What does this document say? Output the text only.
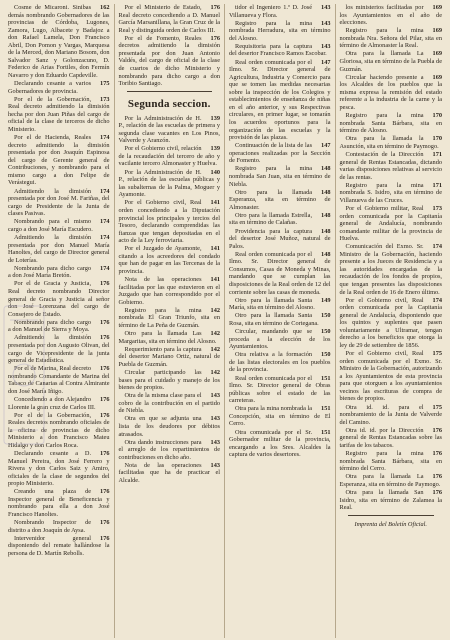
162
Cosme de Micaroni. Sinibas demás nombrando Gobernadores de las provincias de Córdoba, Lugones, Zamora, Lugo, Albacete y Badajoz a don Rafael Lamela, Don Francisco Abril, Don Pomon y Vargas, Marquesa de la Merced, don Mariano Bosom, don Salvador Sanz y Golonzacuno, D. Federico de Arias Fortiles, don Fermín Navarro y don Eduardo Capdeville.

175
Declarando cesante a varios Gobernadores de provincia.

173
Por el de la Gobernación, Real decreto admitiendo la dimisión hecha por don Juan Piñas del cargo de oficial de la clase de terceros de dicho Ministerio.

174
Por el de Hacienda, Reales decreto admitiendo la dimisión presentada por don Joaquín Espinosa del cargo de Gerente general de Contribuciones, y nombrando para el mismo cargo a don Felipe de Verástegui.

174
Admitiendo la dimisión presentada por don José M. Fariñas, del cargo de Presidente de la Junta de clases Pasivas.

174
Nombrando para el mismo cargo a don José María Escudero.

174
Admitiendo la dimisión presentada por don Manuel María Hanoltes, del cargo de Director general de Loterías.

174
Nombrando para dicho cargo a don José María Bretón.

176
Por el de Gracia y Justicia, Real decreto nombrando Director general de Gracia y Justicia al señor don José Lorenzana del cargo de Consejero de Estado.

176
Nombrando para dicho cargo a don Manuel de Sierra y Moya.

176
Admitiendo la dimisión presentada por don Augusto Olivan, del cargo de Vicepresidente de la junta general de Estadística.

176
Por el de Marina, Real decreto nombrando Comandante de Marina del Tabaco de Canarias al Contra Almirante don José María Iñigo.

176
Concediendo a don Alejandro Llorente la gran cruz de Carlos III.

176
Por el de la Gobernación, Reales decretos nombrando oficiales de la oficina de provincias de dicho Ministerio a don Francisco Mateu Hidalgo y don Carlos Roca.

176
Declarando cesante a D. Manuel Pereira, don José Ferrero y Rivera y don Carlos Saiz y Amiro, oficiales de la clase de segundos del propio Ministerio.

176
Creando una plaza de Inspector general de Beneficencia y nombrando para ella a don José Francisco Hanoltes.

176
Nombrando Inspector de distrito a don Joaquín de Aysa.

176
Intervenidor general disponiendo del remate hallándose la persona de D. Martín Rebolls.

176
Por el Ministerio de Estado, Real decreto concediendo a D. Manuel García Marsanillana, la Gran Cruz de la Real y distinguida orden de Carlos III.

176
Por el de Fomento, Reales decretos admitiendo la dimisión presentada por don Juan Antonio Valdés, del cargo de oficial de la clase de cuartos de dicho Ministerio y nombrando para dicho cargo a don Toribio Santiago.

Segunda seccion.

139
Por la Administración de H. P., relación de las escuelas de primera y segunda clase vacantes en Los Pinos, Valverde y Aranzón.

139
Por el Gobierno civil, relación de la recaudación del tercero de año y vacilante tercero Almonaster y Huelva.

140
Por la Administración de H. P., relación de las escuelas públicas y las subalternas de la Palma, Moguer y Ayamonte.

141
Por el Gobierno civil, Real orden concediendo a la Diputación provincial los principales y tercios del Tesoro, declarando comprendidas las fianzas que tengan depositadas en el acto de la Ley ferroviaria.

141
Por el Juzgado de Ayamonte, citando a los acreedores del condado que han de pagar en las Tercenas de la provincia.

141
Nota de las operaciones facilitadas por las que estuvieron en el Juzgado que han correspondido por el Gobierno.

142
Registro para la mina nombrada El Gran Triunfo, sita en término de La Peña de Guzmán.

142
Otro para la llamada Las Margaritas, sita en término del Alosno.

142
Requerimiento para la captura del desertor Mariano Ortiz, natural de Puebla de Guzmán.

142
Circular participando las bases para el cuidado y manejo de los bienes de propios.

143
Otra de la misma clase para el cobro de la contribución en el partido de Niebla.

143
Otra en que se adjunta una lista de los deudores por débitos atrasados.

143
Otra dando instrucciones para el arreglo de los repartimientos de contribuciones en dicho año.

143
Nota de las operaciones facilitadas que ha de practicar el Alcalde.

143
tidor el Ingeniero 1.º D. José Villanueva y Flora.

143
Registro para la mina nombrada Herradura, sita en término del Alosno.

143
Requisitoria para la captura del desertor Francisco Ramos Escobar.

147
Real orden comunicada por el Ilmo. Sr. Director general de Agricultura, Industria y Comercio para que se tomen las medidas necesarias sobre la inspección de los Colegios y establecimientos de enseñanza de niñas en el año anterior, y sus Respectivas circulares, en primer lugar, se tomarán los acuerdos oportunos para la organización de las escuelas y la provisión de las plazas.

147
Continuación de la lista de las operaciones realizadas por la Sección de Fomento.

148
Registro para la mina nombrada San Juan, sita en término de Niebla.

148
Otro para la llamada Esperanza, sita en término de Almonaster.

148
Otro para la llamada Estrella, sita en término de Calañas.

148
Providencia para la captura del desertor José Muñoz, natural de Palos.

148
Real orden comunicada por el Ilmo. Sr. Director general de Consumos, Casas de Moneda y Minas, mandando que se cumplan las disposiciones de la Real orden de 12 del corriente sobre las casas de moneda.

149
Otro para la llamada Santa María, sita en término del Alosno.

150
Otro para la llamada Santa Rosa, sita en término de Cortegana.

150
Circular, mandando que se proceda a la elección de los Ayuntamientos.

150
Otra relativa a la formación de las listas electorales en los pueblos de la provincia.

151
Real orden comunicada por el Ilmo. Sr. Director general de Obras públicas sobre el estado de las carreteras.

151
Otra para la mina nombrada la Concepción, sita en término de El Cerro.

151
Otra comunicada por el Sr. Gobernador militar de la provincia, encargando a los Sres. Alcaldes la captura de varios desertores.

169
los ministerios facilitadas por los Ayuntamientos en el año de elecciones.

169
Registro para la mina nombrada Nra. Señora del Pilar, sita en término de Almonaster la Real.

169
Otra para la llamada La Gloriosa, sita en término de la Puebla de Guzmán.

169
Circular haciendo presente a los Alcaldes de los pueblos que la misma expresa la remisión del estado referente a la industria de la carne y la pesca.

170
Registro para la mina nombrada Santa Bárbara, sita en término de Alosno.

170
Otra para la llamada la Asunción, sita en término de Paymogo.

171
Contestación de la Dirección general de Rentas Estancadas, dictando varias disposiciones relativas al servicio de las rentas.

171
Registro para la mina nombrada S. Isidro, sita en término de Villanueva de las Cruces.

173
Por el Gobierno militar, Real orden comunicada por la Capitanía general de Andalucía, nombrando comandante militar de la provincia de Huelva.

174
Comunicación del Exmo. Sr. Ministro de la Gobernación, haciendo presente a los Jueces de Residencia y a las autoridades encargadas de la recaudación de los fondos de propios, que tengan presentes las disposiciones de la Real orden de 16 de Enero último.

174
Por el Gobierno civil, Real orden comunicada por la Capitanía general de Andalucía, disponiendo que los quintos y suplentes que pasen voluntariamente a Ultramar, tengan derecho a los beneficios que otorga la ley de 29 de setiembre de 1856.

175
Por el Gobierno civil, Real orden comunicada por el Exmo. Sr. Ministro de la Gobernación, autorizando a los Ayuntamientos de esta provincia para que otorguen a los ayuntamientos vecinos las escrituras de compra de bienes de propios.

175
Otra id. id. para el nombramiento de la Junta de Valverde del Camino.

176
Otra id. id. por la Dirección general de Rentas Estancadas sobre las tarifas de los tabacos.

176
Registro para la mina nombrada Santa Bárbara, sita en término del Cerro.

176
Otra para la llamada La Esperanza, sita en término de Paymogo.

176
Otra para la llamada San Isidro, sita en término de Zalamea la Real.

Imprenta del Boletín Oficial.
